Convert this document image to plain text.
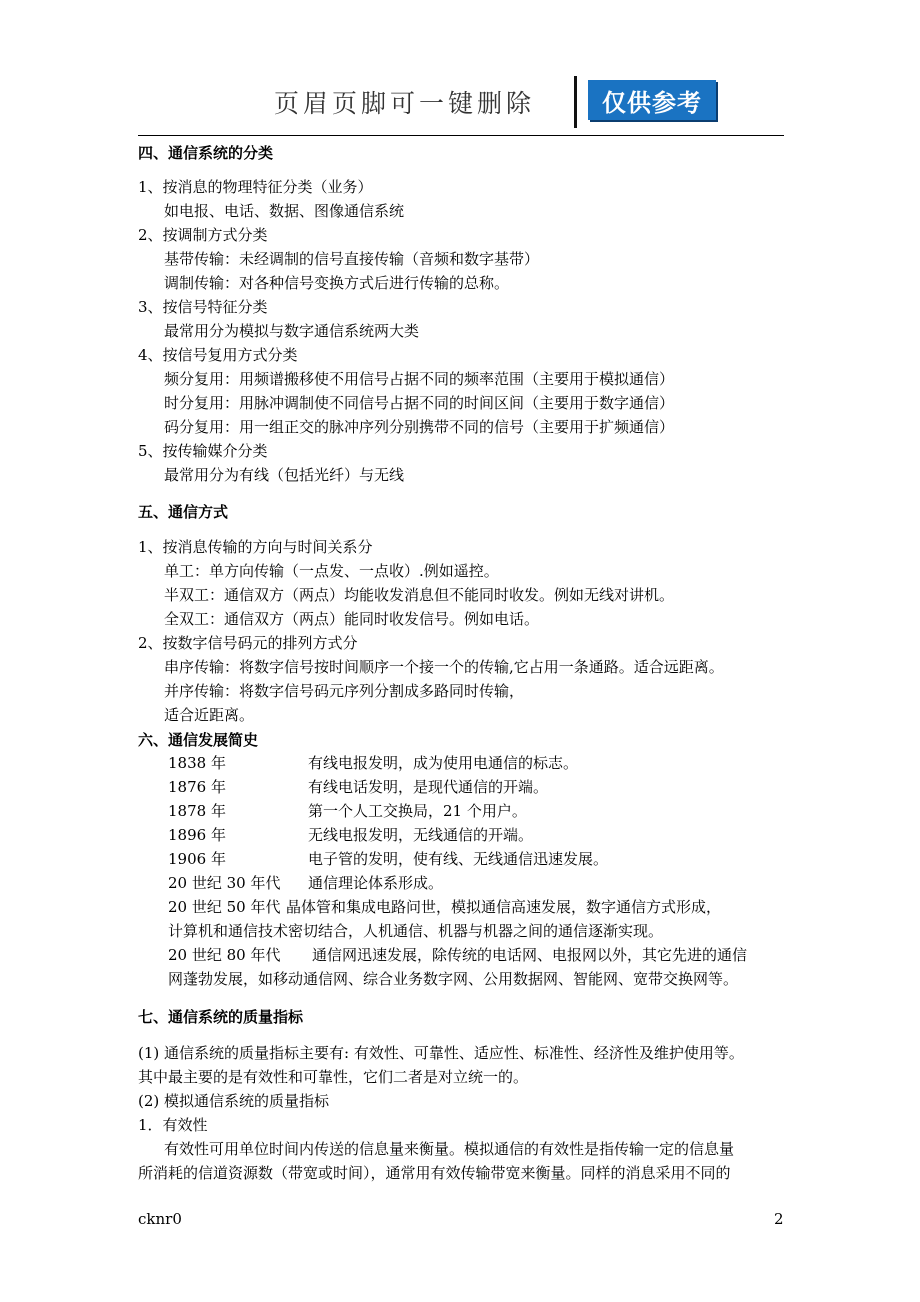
页眉页脚可一键删除	仅供参考
四、通信系统的分类
1、按消息的物理特征分类（业务）
如电报、电话、数据、图像通信系统
2、按调制方式分类
基带传输：未经调制的信号直接传输（音频和数字基带）
调制传输：对各种信号变换方式后进行传输的总称。
3、按信号特征分类
最常用分为模拟与数字通信系统两大类
4、按信号复用方式分类
频分复用：用频谱搬移使不用信号占据不同的频率范围（主要用于模拟通信）
时分复用：用脉冲调制使不同信号占据不同的时间区间（主要用于数字通信）
码分复用：用一组正交的脉冲序列分别携带不同的信号（主要用于扩频通信）
5、按传输媒介分类
最常用分为有线（包括光纤）与无线
五、通信方式
1、按消息传输的方向与时间关系分
单工：单方向传输（一点发、一点收）.例如遥控。
半双工：通信双方（两点）均能收发消息但不能同时收发。例如无线对讲机。
全双工：通信双方（两点）能同时收发信号。例如电话。
2、按数字信号码元的排列方式分
串序传输：将数字信号按时间顺序一个接一个的传输,它占用一条通路。适合远距离。
并序传输：将数字信号码元序列分割成多路同时传输，
适合近距离。
六、通信发展简史
1838 年	有线电报发明，成为使用电通信的标志。
1876 年	有线电话发明，是现代通信的开端。
1878 年	第一个人工交换局，21 个用户。
1896 年	无线电报发明，无线通信的开端。
1906 年	电子管的发明，使有线、无线通信迅速发展。
20 世纪 30 年代 通信理论体系形成。
20 世纪 50 年代 晶体管和集成电路问世，模拟通信高速发展，数字通信方式形成，
计算机和通信技术密切结合，人机通信、机器与机器之间的通信逐渐实现。
20 世纪 80 年代 通信网迅速发展，除传统的电话网、电报网以外，其它先进的通信
网蓬勃发展，如移动通信网、综合业务数字网、公用数据网、智能网、宽带交换网等。
七、通信系统的质量指标
(1) 通信系统的质量指标主要有: 有效性、可靠性、适应性、标准性、经济性及维护使用等。
其中最主要的是有效性和可靠性，它们二者是对立统一的。
(2) 模拟通信系统的质量指标
1．有效性
有效性可用单位时间内传送的信息量来衡量。模拟通信的有效性是指传输一定的信息量
所消耗的信道资源数（带宽或时间），通常用有效传输带宽来衡量。同样的消息采用不同的
cknr0	2
